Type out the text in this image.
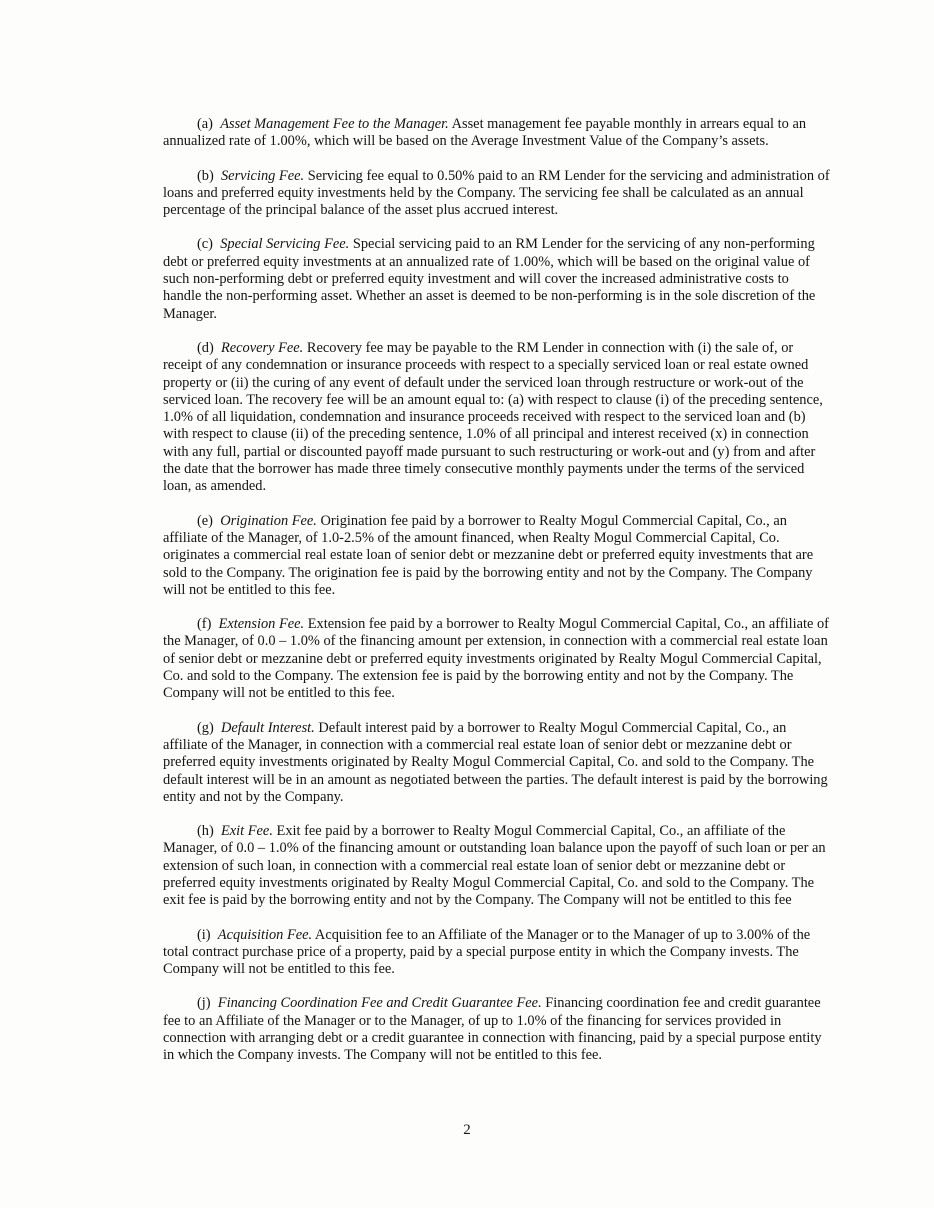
(a) Asset Management Fee to the Manager. Asset management fee payable monthly in arrears equal to an annualized rate of 1.00%, which will be based on the Average Investment Value of the Company’s assets.

(b) Servicing Fee. Servicing fee equal to 0.50% paid to an RM Lender for the servicing and administration of loans and preferred equity investments held by the Company. The servicing fee shall be calculated as an annual percentage of the principal balance of the asset plus accrued interest.

(c) Special Servicing Fee. Special servicing paid to an RM Lender for the servicing of any non-performing debt or preferred equity investments at an annualized rate of 1.00%, which will be based on the original value of such non-performing debt or preferred equity investment and will cover the increased administrative costs to handle the non-performing asset. Whether an asset is deemed to be non-performing is in the sole discretion of the Manager.

(d) Recovery Fee. Recovery fee may be payable to the RM Lender in connection with (i) the sale of, or receipt of any condemnation or insurance proceeds with respect to a specially serviced loan or real estate owned property or (ii) the curing of any event of default under the serviced loan through restructure or work-out of the serviced loan. The recovery fee will be an amount equal to: (a) with respect to clause (i) of the preceding sentence, 1.0% of all liquidation, condemnation and insurance proceeds received with respect to the serviced loan and (b) with respect to clause (ii) of the preceding sentence, 1.0% of all principal and interest received (x) in connection with any full, partial or discounted payoff made pursuant to such restructuring or work-out and (y) from and after the date that the borrower has made three timely consecutive monthly payments under the terms of the serviced loan, as amended.

(e) Origination Fee. Origination fee paid by a borrower to Realty Mogul Commercial Capital, Co., an affiliate of the Manager, of 1.0-2.5% of the amount financed, when Realty Mogul Commercial Capital, Co. originates a commercial real estate loan of senior debt or mezzanine debt or preferred equity investments that are sold to the Company. The origination fee is paid by the borrowing entity and not by the Company. The Company will not be entitled to this fee.

(f) Extension Fee. Extension fee paid by a borrower to Realty Mogul Commercial Capital, Co., an affiliate of the Manager, of 0.0 – 1.0% of the financing amount per extension, in connection with a commercial real estate loan of senior debt or mezzanine debt or preferred equity investments originated by Realty Mogul Commercial Capital, Co. and sold to the Company. The extension fee is paid by the borrowing entity and not by the Company. The Company will not be entitled to this fee.

(g) Default Interest. Default interest paid by a borrower to Realty Mogul Commercial Capital, Co., an affiliate of the Manager, in connection with a commercial real estate loan of senior debt or mezzanine debt or preferred equity investments originated by Realty Mogul Commercial Capital, Co. and sold to the Company. The default interest will be in an amount as negotiated between the parties. The default interest is paid by the borrowing entity and not by the Company.

(h) Exit Fee. Exit fee paid by a borrower to Realty Mogul Commercial Capital, Co., an affiliate of the Manager, of 0.0 – 1.0% of the financing amount or outstanding loan balance upon the payoff of such loan or per an extension of such loan, in connection with a commercial real estate loan of senior debt or mezzanine debt or preferred equity investments originated by Realty Mogul Commercial Capital, Co. and sold to the Company. The exit fee is paid by the borrowing entity and not by the Company. The Company will not be entitled to this fee

(i) Acquisition Fee. Acquisition fee to an Affiliate of the Manager or to the Manager of up to 3.00% of the total contract purchase price of a property, paid by a special purpose entity in which the Company invests. The Company will not be entitled to this fee.

(j) Financing Coordination Fee and Credit Guarantee Fee. Financing coordination fee and credit guarantee fee to an Affiliate of the Manager or to the Manager, of up to 1.0% of the financing for services provided in connection with arranging debt or a credit guarantee in connection with financing, paid by a special purpose entity in which the Company invests. The Company will not be entitled to this fee.

2
